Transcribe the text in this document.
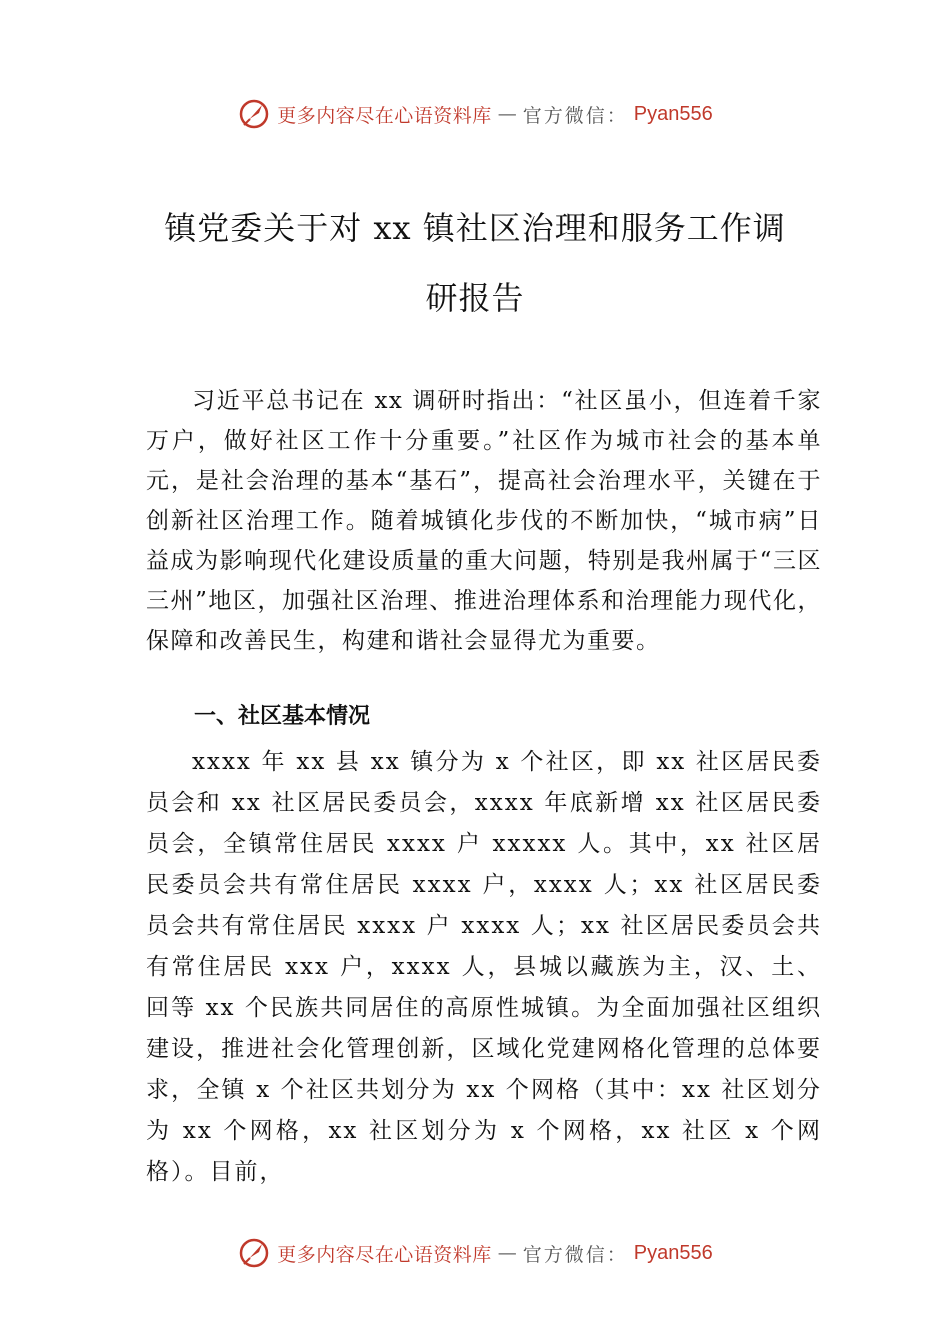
更多内容尽在心语资料库 — 官方微信： Pyan556
镇党委关于对 xx 镇社区治理和服务工作调
研报告

习近平总书记在 xx 调研时指出：“社区虽小，但连着千家万户，做好社区工作十分重要。”社区作为城市社会的基本单元，是社会治理的基本“基石”，提高社会治理水平，关键在于创新社区治理工作。随着城镇化步伐的不断加快，“城市病”日益成为影响现代化建设质量的重大问题，特别是我州属于“三区三州”地区，加强社区治理、推进治理体系和治理能力现代化，保障和改善民生，构建和谐社会显得尤为重要。

一、社区基本情况

xxxx 年 xx 县 xx 镇分为 x 个社区，即 xx 社区居民委员会和 xx 社区居民委员会，xxxx 年底新增 xx 社区居民委员会，全镇常住居民 xxxx 户 xxxxx 人。其中，xx 社区居民委员会共有常住居民 xxxx 户，xxxx 人；xx 社区居民委员会共有常住居民 xxxx 户 xxxx 人；xx 社区居民委员会共有常住居民 xxx 户，xxxx 人，县城以藏族为主，汉、土、回等 xx 个民族共同居住的高原性城镇。为全面加强社区组织建设，推进社会化管理创新，区域化党建网格化管理的总体要求，全镇 x 个社区共划分为 xx 个网格（其中：xx 社区划分为 xx 个网格，xx 社区划分为 x 个网格，xx 社区 x 个网格）。目前，

更多内容尽在心语资料库 — 官方微信： Pyan556
